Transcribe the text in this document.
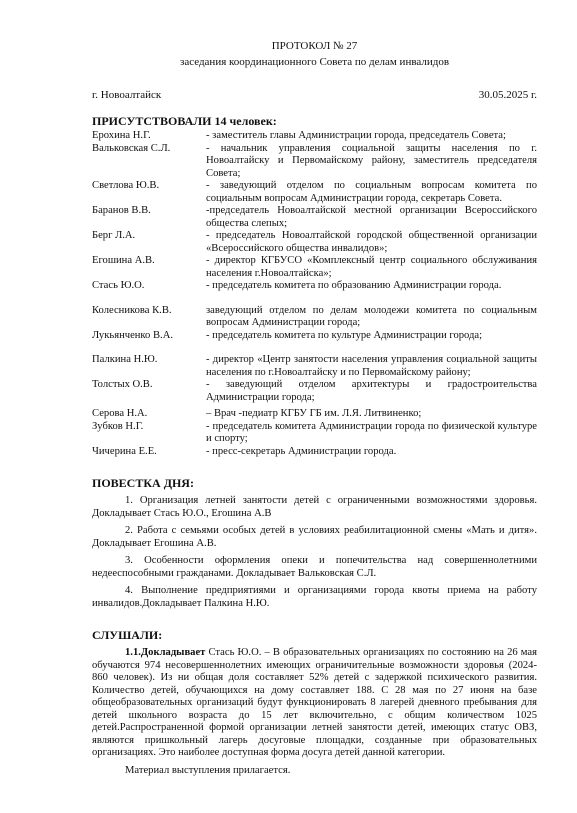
ПРОТОКОЛ № 27

заседания координационного Совета по делам инвалидов

г. Новоалтайск	30.05.2025 г.
ПРИСУТСТВОВАЛИ 14 человек:
Ерохина Н.Г.	- заместитель главы Администрации города, председатель Совета;
Вальковская С.Л.	- начальник управления социальной защиты населения по г. Новоалтайску и Первомайскому району, заместитель председателя Совета;
Светлова Ю.В.	- заведующий отделом по социальным вопросам комитета по социальным вопросам Администрации города, секретарь Совета.
Баранов В.В.	-председатель Новоалтайской местной организации Всероссийского общества слепых;
Берг Л.А.	- председатель Новоалтайской городской общественной организации «Всероссийского общества инвалидов»;
Егошина А.В.	- директор КГБУСО «Комплексный центр социального обслуживания населения г.Новоалтайска»;
Стась Ю.О.	- председатель комитета по образованию Администрации города.
Колесникова К.В.	заведующий отделом по делам молодежи комитета по социальным вопросам Администрации города;
Лукьянченко В.А.	- председатель комитета по культуре Администрации города;
Палкина Н.Ю.	- директор «Центр занятости населения управления социальной защиты населения по г.Новоалтайску и по Первомайскому району;
Толстых О.В.	- заведующий отделом архитектуры и градостроительства Администрации города;
Серова Н.А.	– Врач -педиатр КГБУ ГБ им. Л.Я. Литвиненко;
Зубков Н.Г.	- председатель комитета Администрации города по физической культуре и спорту;
Чичерина Е.Е.	- пресс-секретарь Администрации города.
ПОВЕСТКА ДНЯ:

1. Организация летней занятости детей с ограниченными возможностями здоровья. Докладывает Стась Ю.О., Егошина А.В

2. Работа с семьями особых детей в условиях реабилитационной смены «Мать и дитя». Докладывает Егошина А.В.

3. Особенности оформления опеки и попечительства над совершеннолетними недееспособными гражданами. Докладывает Вальковская С.Л.

4. Выполнение предприятиями и организациями города квоты приема на работу инвалидов.Докладывает Палкина Н.Ю.

СЛУШАЛИ:

1.1.Докладывает Стась Ю.О. – В образовательных организациях по состоянию на 26 мая обучаются 974 несовершеннолетних имеющих ограничительные возможности здоровья (2024- 860 человек). Из ни общая доля составляет 52% детей с задержкой психического развития. Количество детей, обучающихся на дому составляет 188. С 28 мая по 27 июня на базе общеобразовательных организаций будут функционировать 8 лагерей дневного пребывания для детей школьного возраста до 15 лет включительно, с общим количеством 1025 детей.Распространенной формой организации летней занятости детей, имеющих статус ОВЗ, являются пришкольный лагерь досуговые площадки, созданные при образовательных организациях. Это наиболее доступная форма досуга детей данной категории.

Материал выступления прилагается.
